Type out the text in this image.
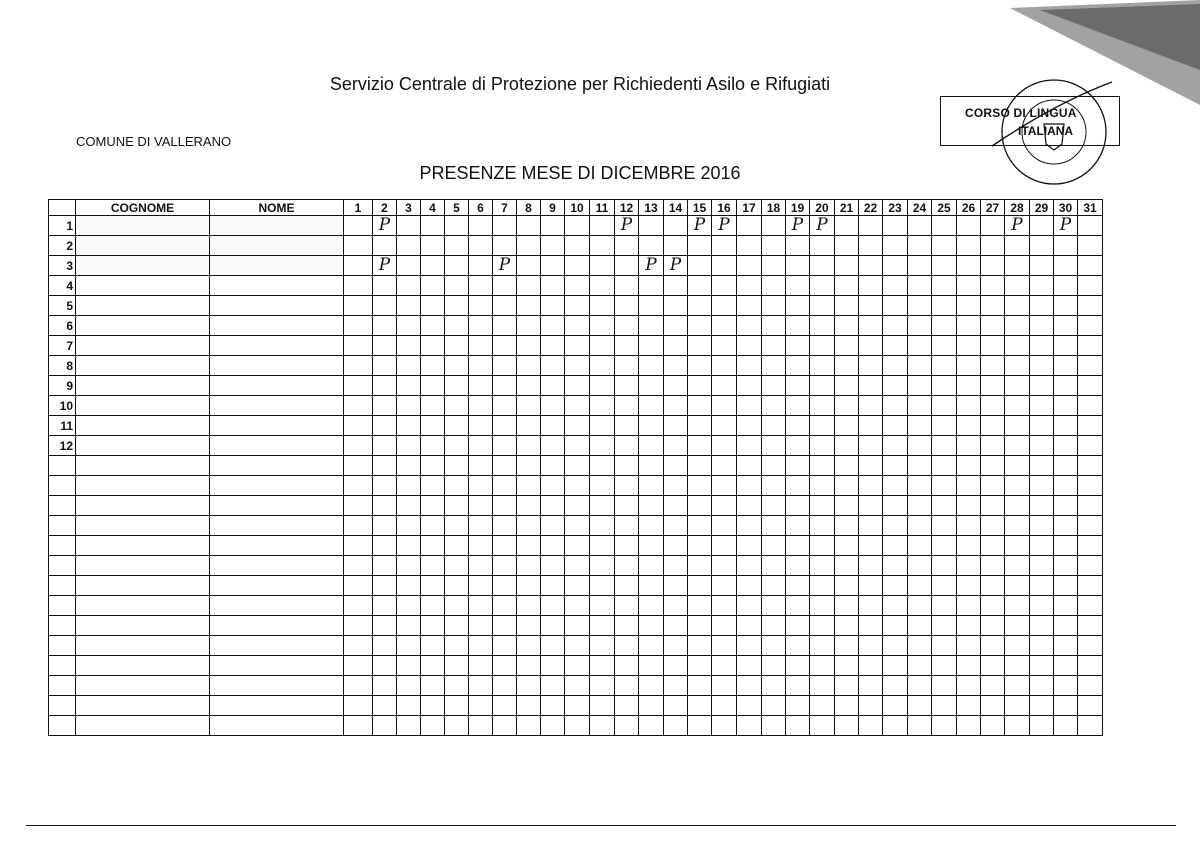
Servizio Centrale di Protezione per Richiedenti Asilo e Rifugiati
COMUNE DI VALLERANO
PRESENZE MESE DI DICEMBRE 2016
CORSO DI LINGUA
ITALIANA
	COGNOME	NOME	1	2	3	4	5	6	7	8	9	10	11	12	13	14	15	16	17	18	19	20	21	22	23	24	25	26	27	28	29	30	31
1				P										P			P	P			P	P								P		P	
2																																	
3				P					P						P	P																	
4																																	
5																																	
6																																	
7																																	
8																																	
9																																	
10																																	
11																																	
12																																	
